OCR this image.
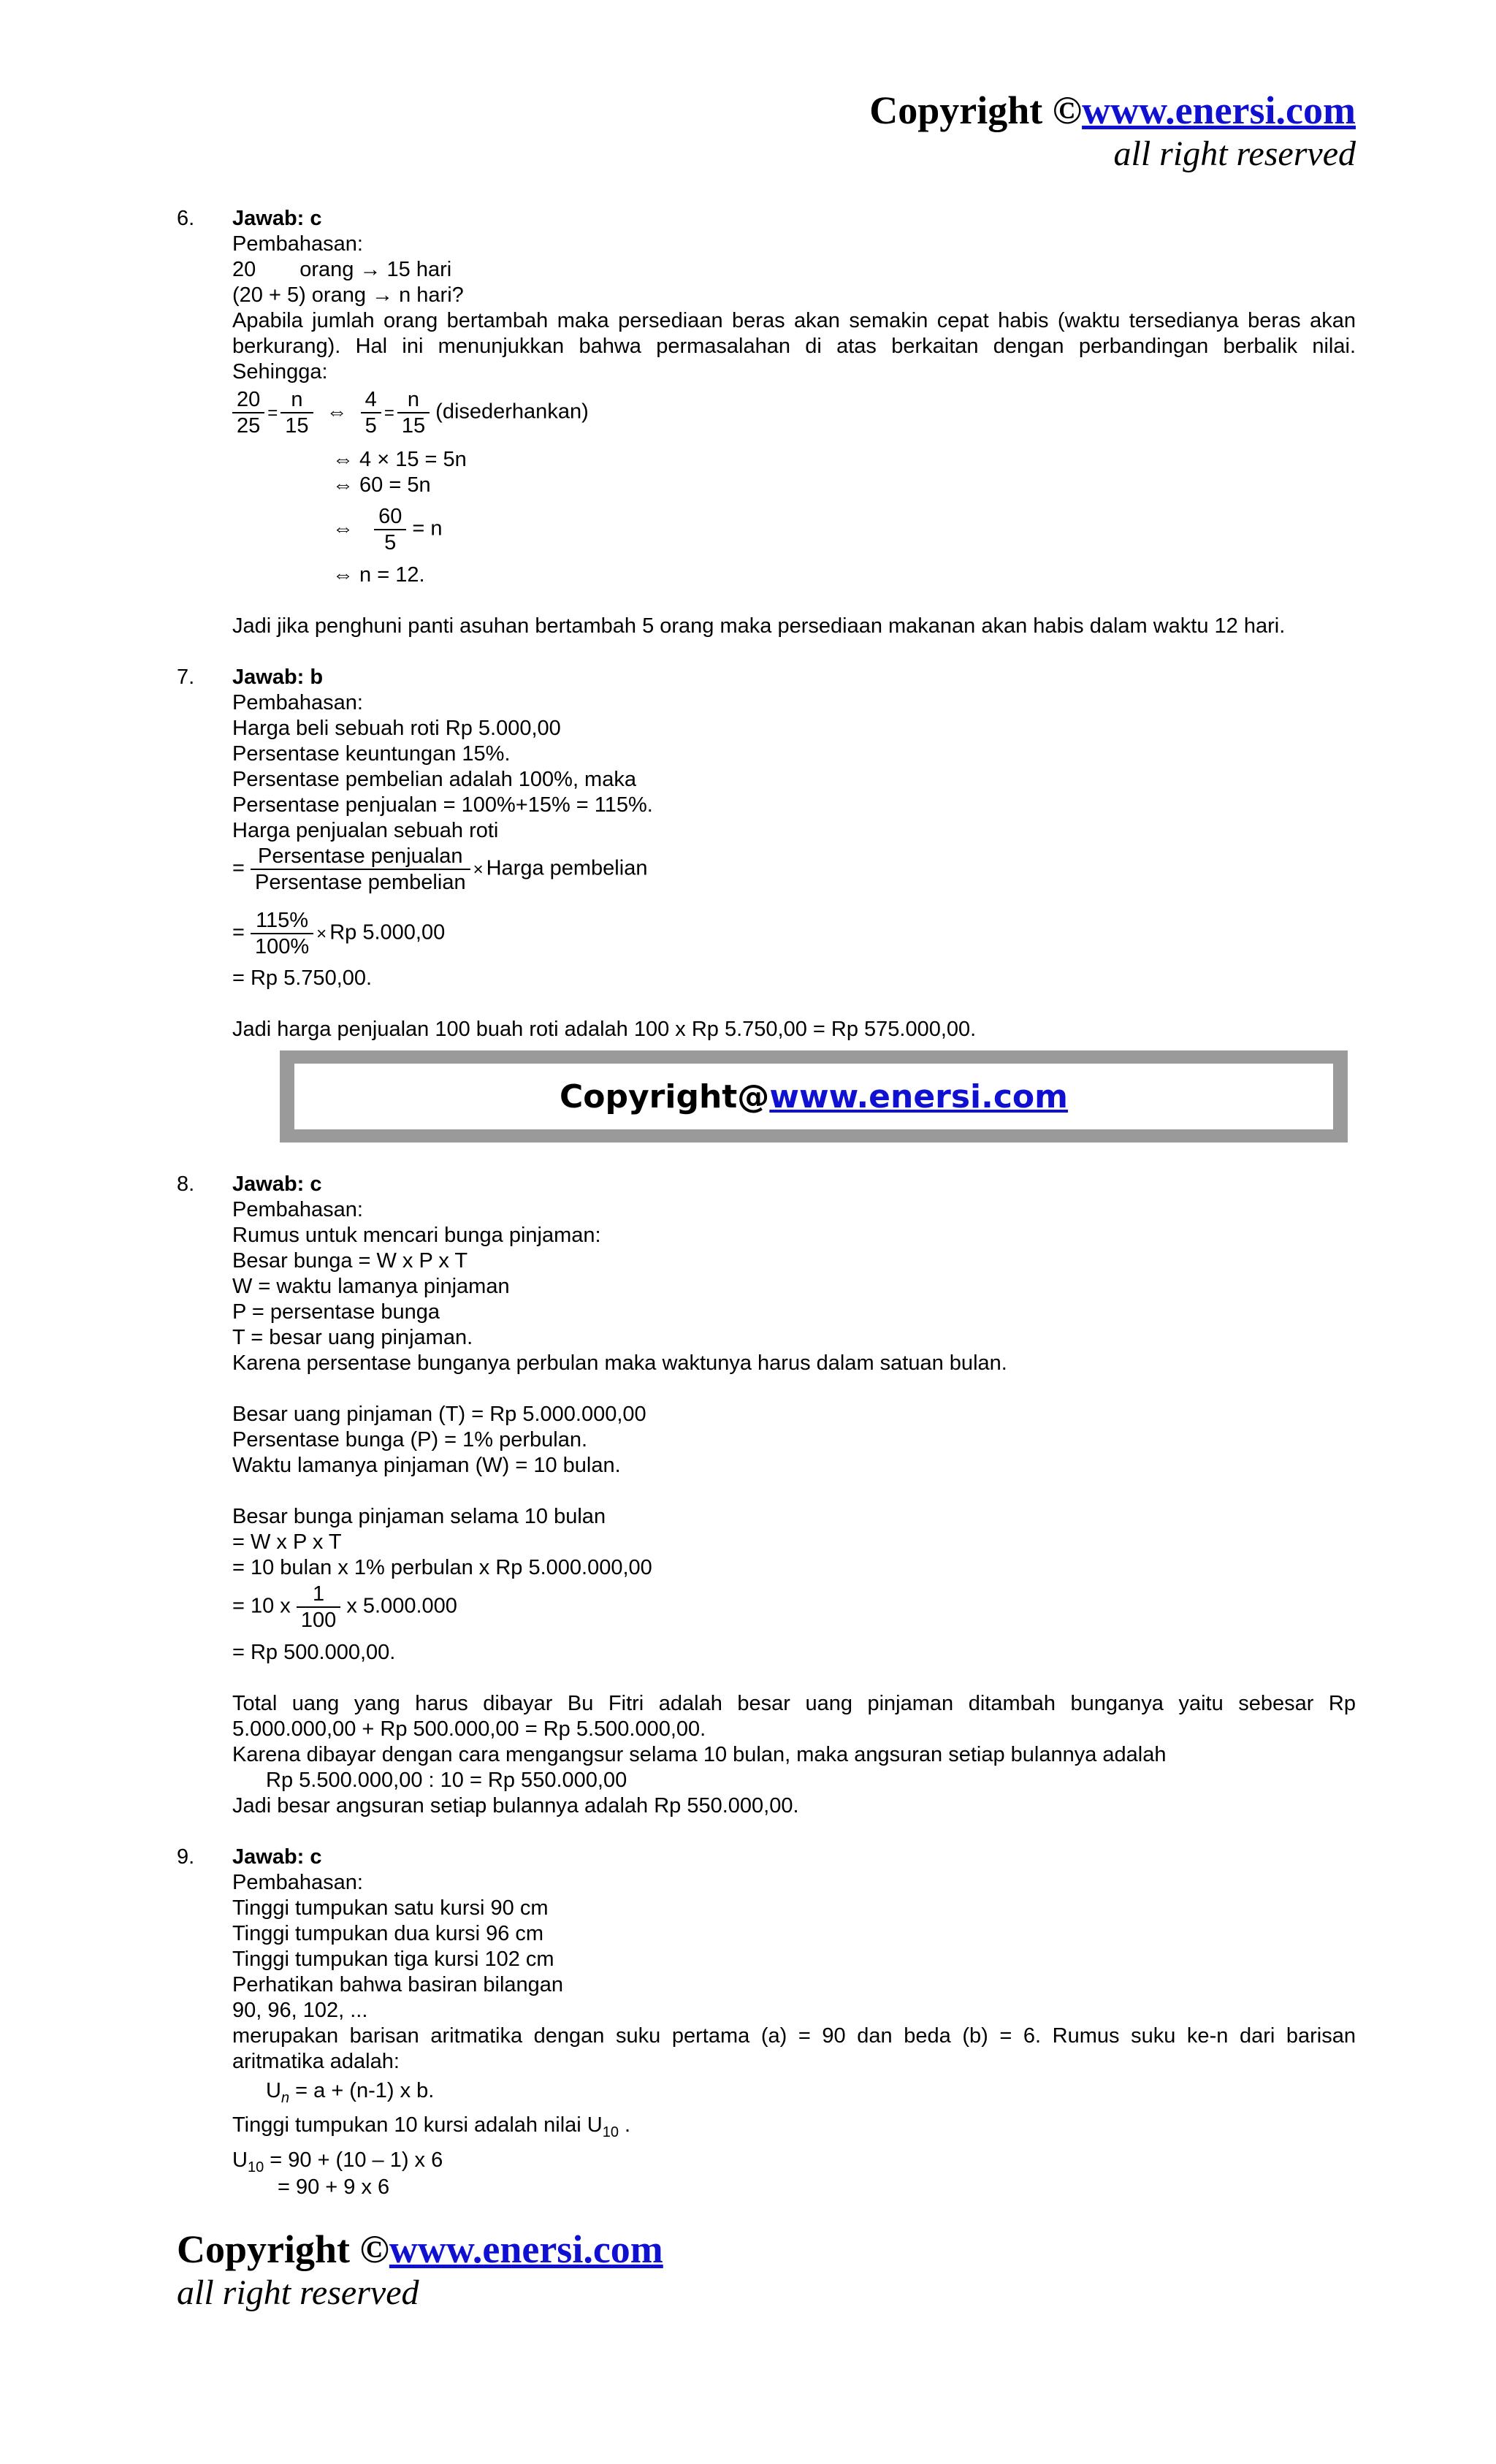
Copyright ©www.enersi.com
all right reserved
6. Jawab: c
Pembahasan:
20 orang → 15 hari
(20 + 5) orang → n hari?
Apabila jumlah orang bertambah maka persediaan beras akan semakin cepat habis (waktu tersedianya beras akan
berkurang). Hal ini menunjukkan bahwa permasalahan di atas berkaitan dengan perbandingan berbalik nilai.
Sehingga:
$\frac{20}{25} = \frac{n}{15}$ ⇔ $\frac{4}{5} = \frac{n}{15}$ (disederhankan)
⇔ 4 × 15 = 5n
⇔ 60 = 5n
⇔ $\frac{60}{5} = n$
⇔ n = 12.
Jadi jika penghuni panti asuhan bertambah 5 orang maka persediaan makanan akan habis dalam waktu 12 hari.
7. Jawab: b
Pembahasan:
Harga beli sebuah roti Rp 5.000,00
Persentase keuntungan 15%.
Persentase pembelian adalah 100%, maka
Persentase penjualan = 100%+15% = 115%.
Harga penjualan sebuah roti
= $\frac{\text{Persentase penjualan}}{\text{Persentase pembelian}}$ × Harga pembelian
= $\frac{115\%}{100\%} \times Rp$ 5.000,00
= Rp 5.750,00.
Jadi harga penjualan 100 buah roti adalah 100 x Rp 5.750,00 = Rp 575.000,00.
Copyright@ www.enersi.com
8. Jawab: c
Pembahasan:
Rumus untuk mencari bunga pinjaman:
Besar bunga = W x P x T
W = waktu lamanya pinjaman
P = persentase bunga
T = besar uang pinjaman.
Karena persentase bunganya perbulan maka waktunya harus dalam satuan bulan.
Besar uang pinjaman (T) = Rp 5.000.000,00
Persentase bunga (P) = 1% perbulan.
Waktu lamanya pinjaman (W) = 10 bulan.
Besar bunga pinjaman selama 10 bulan
= W x P x T
= 10 bulan x 1% perbulan x Rp 5.000.000,00
= 10 x $\frac{1}{100}$ x 5.000.000
= Rp 500.000,00.
Total uang yang harus dibayar Bu Fitri adalah besar uang pinjaman ditambah bunganya yaitu sebesar Rp
5.000.000,00 + Rp 500.000,00 = Rp 5.500.000,00.
Karena dibayar dengan cara mengangsur selama 10 bulan, maka angsuran setiap bulannya adalah
Rp 5.500.000,00 : 10 = Rp 550.000,00
Jadi besar angsuran setiap bulannya adalah Rp 550.000,00.
9. Jawab: c
Pembahasan:
Tinggi tumpukan satu kursi 90 cm
Tinggi tumpukan dua kursi 96 cm
Tinggi tumpukan tiga kursi 102 cm
Perhatikan bahwa basiran bilangan
90, 96, 102, ...
merupakan barisan aritmatika dengan suku pertama (a) = 90 dan beda (b) = 6. Rumus suku ke-n dari barisan
aritmatika adalah:
$U_n = a + (n-1)$ x b.
Tinggi tumpukan 10 kursi adalah nilai $U_{10}$ .
$U_{10} = 90 + (10 - 1)$ x 6
= 90 + 9 x 6
Copyright ©www.enersi.com
all right reserved
